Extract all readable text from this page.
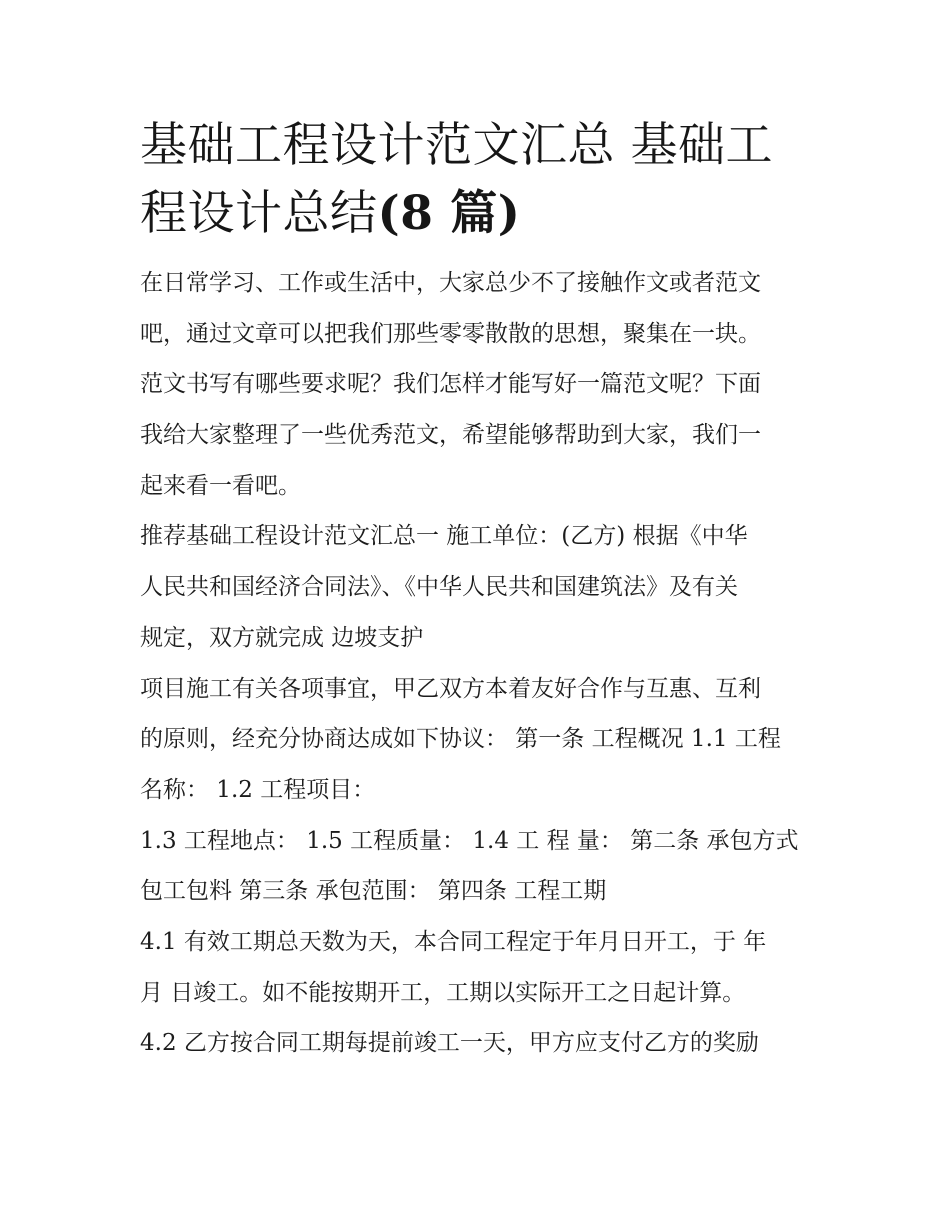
基础工程设计范文汇总 基础工
程设计总结(8 篇)

在日常学习、工作或生活中，大家总少不了接触作文或者范文
吧，通过文章可以把我们那些零零散散的思想，聚集在一块。
范文书写有哪些要求呢？我们怎样才能写好一篇范文呢？下面
我给大家整理了一些优秀范文，希望能够帮助到大家，我们一
起来看一看吧。

推荐基础工程设计范文汇总一 施工单位：(乙方) 根据《中华
人民共和国经济合同法》、《中华人民共和国建筑法》及有关
规定，双方就完成 边坡支护

项目施工有关各项事宜，甲乙双方本着友好合作与互惠、互利
的原则，经充分协商达成如下协议： 第一条 工程概况 1.1 工程
名称： 1.2 工程项目：

1.3 工程地点： 1.5 工程质量： 1.4 工 程 量： 第二条 承包方式
包工包料 第三条 承包范围： 第四条 工程工期

4.1 有效工期总天数为天，本合同工程定于年月日开工，于 年
月 日竣工。如不能按期开工，工期以实际开工之日起计算。

4.2 乙方按合同工期每提前竣工一天，甲方应支付乙方的奖励
